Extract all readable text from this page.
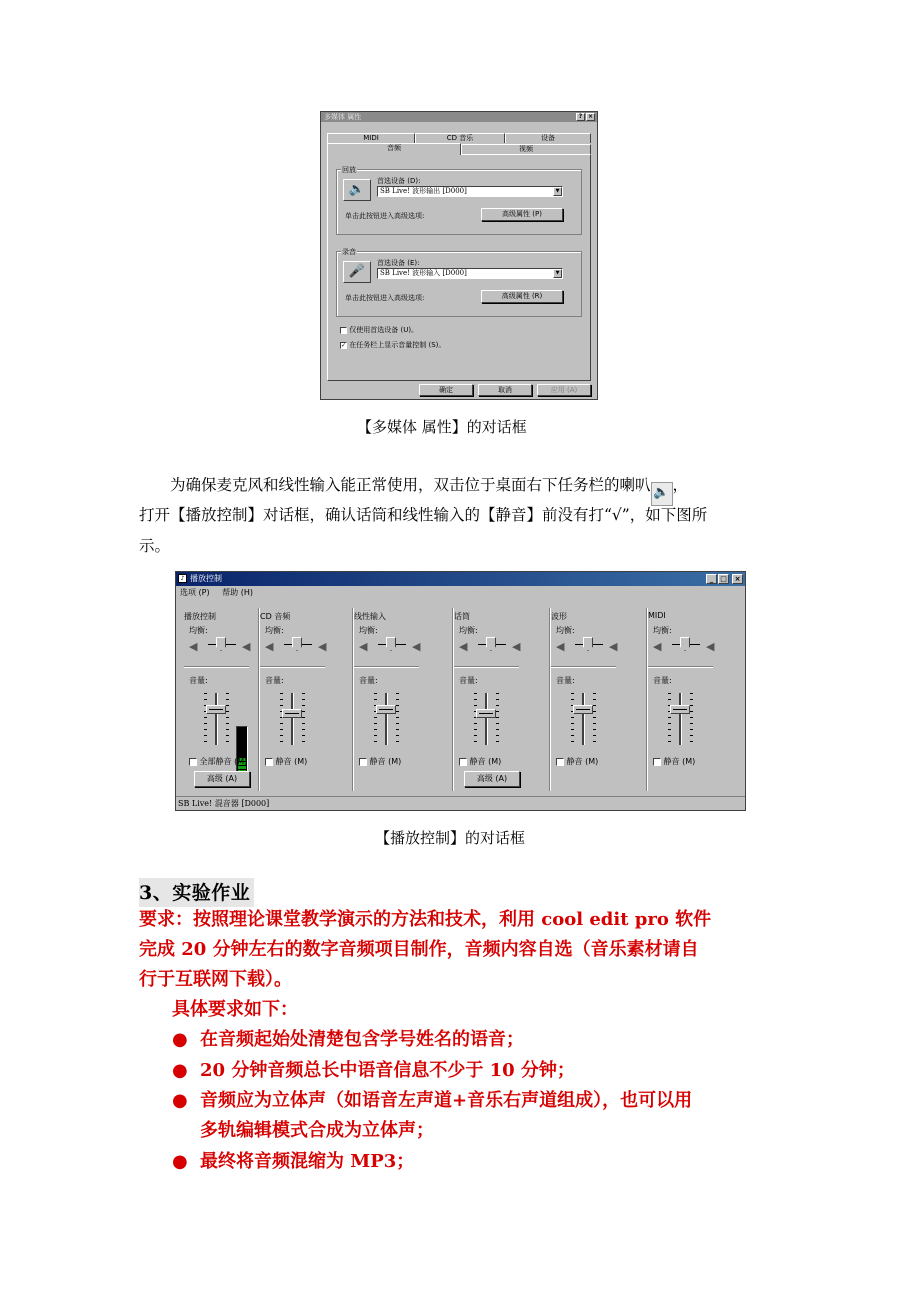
多媒体 属性	? ×
MIDI	CD 音乐	设备
音频	视频
回放
🔈
首选设备 (D):
SB Live! 波形输出 [D000]	▼
单击此按钮进入高级选项:	高级属性 (P)
录音
🎤
首选设备 (E):
SB Live! 波形输入 [D000]	▼
单击此按钮进入高级选项:	高级属性 (R)
仅使用首选设备 (U)。
✓ 在任务栏上显示音量控制 (S)。
确定	取消	应用 (A)
【多媒体 属性】的对话框
为确保麦克风和线性输入能正常使用，双击位于桌面右下任务栏的喇叭 🔈 ，
打开【播放控制】对话框，确认话筒和线性输入的【静音】前没有打“√”，如下图所
示。
♪ 播放控制	_ □	×
选项 (P) 帮助 (H)
播放控制
均衡:
◀	◀
音量:
全部静音 (M)
高级 (A)
CD 音频
均衡:
◀	◀
音量:
静音 (M)
线性输入
均衡:
◀	◀
音量:
静音 (M)
话筒
均衡:
◀	◀
音量:
静音 (M)
高级 (A)
波形
均衡:
◀	◀
音量:
静音 (M)
MIDI
均衡:
◀	◀
音量:
静音 (M)
SB Live! 混音器 [D000]
【播放控制】的对话框
3、实验作业
要求：按照理论课堂教学演示的方法和技术，利用 cool edit pro 软件
完成 20 分钟左右的数字音频项目制作，音频内容自选（音乐素材请自
行于互联网下载）。
具体要求如下：
● 在音频起始处清楚包含学号姓名的语音；
● 20 分钟音频总长中语音信息不少于 10 分钟；
● 音频应为立体声（如语音左声道+音乐右声道组成），也可以用
多轨编辑模式合成为立体声；
● 最终将音频混缩为 MP3；
